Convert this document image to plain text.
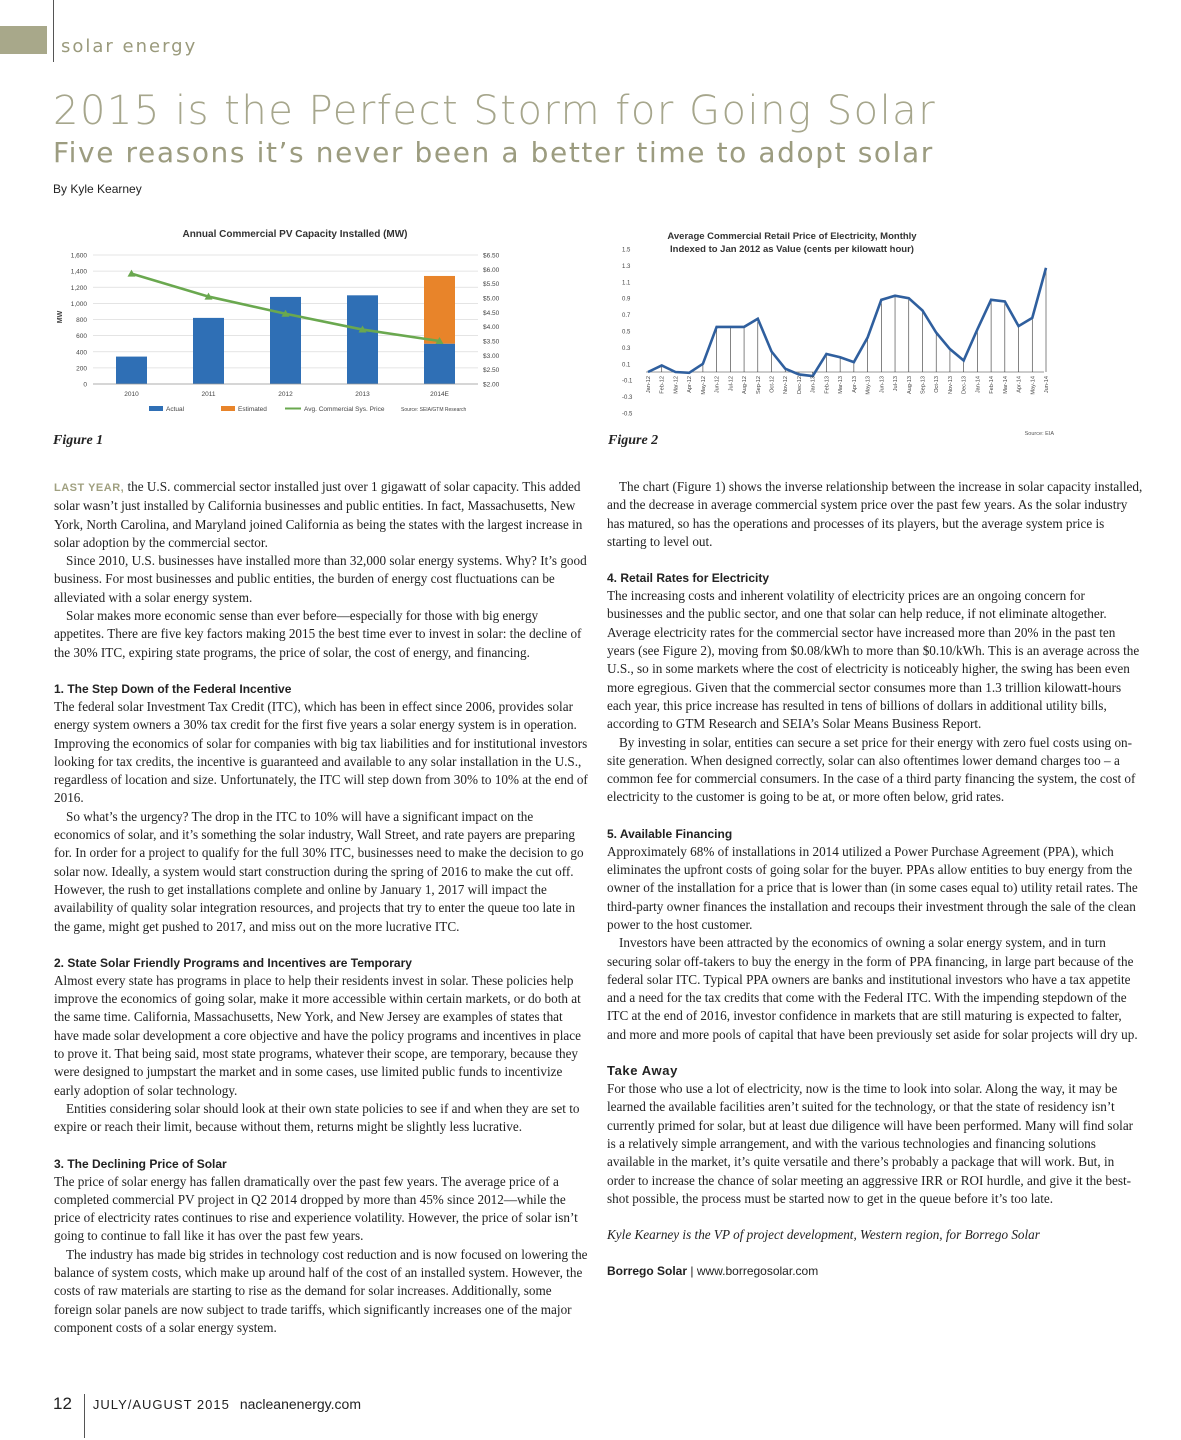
solar energy
2015 is the Perfect Storm for Going Solar
Five reasons it’s never been a better time to adopt solar
By Kyle Kearney
Annual Commercial PV Capacity Installed (MW)
MW
1,600
1,400
1,200
1,000
800
600
400
200
0
$6.50
$6.00
$5.50
$5.00
$4.50
$4.00
$3.50
$3.00
$2.50
$2.00
2010	2011	2012	2013	2014E
Actual	Estimated	Avg. Commercial Sys. Price	Source: SEIA/GTM Research
Figure 1
Average Commercial Retail Price of Electricity, Monthly
Indexed to Jan 2012 as Value (cents per kilowatt hour)
1.5
1.3
1.1
0.9
0.7
0.5
0.3
0.1
-0.1
-0.3
-0.5
Jan-12 Feb-12 Mar-12 Apr-12 May-12 Jun-12 Jul-12 Aug-12 Sep-12 Oct-12 Nov-12 Dec-12 Jan-13 Feb-13 Mar-13 Apr-13 May-13 Jun-13 Jul-13 Aug-13 Sep-13 Oct-13 Nov-13 Dec-13 Jan-14 Feb-14 Mar-14 Apr-14 May-14 Jun-14
Source: EIA
Figure 2

LAST YEAR, the U.S. commercial sector installed just over 1 gigawatt of solar capacity. This added solar wasn’t just installed by California businesses and public entities. In fact, Massachusetts, New York, North Carolina, and Maryland joined California as being the states with the largest increase in solar adoption by the commercial sector.

Since 2010, U.S. businesses have installed more than 32,000 solar energy systems. Why? It’s good business. For most businesses and public entities, the burden of energy cost fluctuations can be alleviated with a solar energy system.

Solar makes more economic sense than ever before—especially for those with big energy appetites. There are five key factors making 2015 the best time ever to invest in solar: the decline of the 30% ITC, expiring state programs, the price of solar, the cost of energy, and financing.

1. The Step Down of the Federal Incentive

The federal solar Investment Tax Credit (ITC), which has been in effect since 2006, provides solar energy system owners a 30% tax credit for the first five years a solar energy system is in operation. Improving the economics of solar for companies with big tax liabilities and for institutional investors looking for tax credits, the incentive is guaranteed and available to any solar installation in the U.S., regardless of location and size. Unfortunately, the ITC will step down from 30% to 10% at the end of 2016.

So what’s the urgency? The drop in the ITC to 10% will have a significant impact on the economics of solar, and it’s something the solar industry, Wall Street, and rate payers are preparing for. In order for a project to qualify for the full 30% ITC, businesses need to make the decision to go solar now. Ideally, a system would start construction during the spring of 2016 to make the cut off. However, the rush to get installations complete and online by January 1, 2017 will impact the availability of quality solar integration resources, and projects that try to enter the queue too late in the game, might get pushed to 2017, and miss out on the more lucrative ITC.

2. State Solar Friendly Programs and Incentives are Temporary

Almost every state has programs in place to help their residents invest in solar. These policies help improve the economics of going solar, make it more accessible within certain markets, or do both at the same time. California, Massachusetts, New York, and New Jersey are examples of states that have made solar development a core objective and have the policy programs and incentives in place to prove it. That being said, most state programs, whatever their scope, are temporary, because they were designed to jumpstart the market and in some cases, use limited public funds to incentivize early adoption of solar technology.

Entities considering solar should look at their own state policies to see if and when they are set to expire or reach their limit, because without them, returns might be slightly less lucrative.

3. The Declining Price of Solar

The price of solar energy has fallen dramatically over the past few years. The average price of a completed commercial PV project in Q2 2014 dropped by more than 45% since 2012—while the price of electricity rates continues to rise and experience volatility. However, the price of solar isn’t going to continue to fall like it has over the past few years.

The industry has made big strides in technology cost reduction and is now focused on lowering the balance of system costs, which make up around half of the cost of an installed system. However, the costs of raw materials are starting to rise as the demand for solar increases. Additionally, some foreign solar panels are now subject to trade tariffs, which significantly increases one of the major component costs of a solar energy system.

The chart (Figure 1) shows the inverse relationship between the increase in solar capacity installed, and the decrease in average commercial system price over the past few years. As the solar industry has matured, so has the operations and processes of its players, but the average system price is starting to level out.

4. Retail Rates for Electricity

The increasing costs and inherent volatility of electricity prices are an ongoing concern for businesses and the public sector, and one that solar can help reduce, if not eliminate altogether. Average electricity rates for the commercial sector have increased more than 20% in the past ten years (see Figure 2), moving from $0.08/kWh to more than $0.10/kWh. This is an average across the U.S., so in some markets where the cost of electricity is noticeably higher, the swing has been even more egregious. Given that the commercial sector consumes more than 1.3 trillion kilowatt-hours each year, this price increase has resulted in tens of billions of dollars in additional utility bills, according to GTM Research and SEIA’s Solar Means Business Report.

By investing in solar, entities can secure a set price for their energy with zero fuel costs using on-site generation. When designed correctly, solar can also oftentimes lower demand charges too – a common fee for commercial consumers. In the case of a third party financing the system, the cost of electricity to the customer is going to be at, or more often below, grid rates.

5. Available Financing

Approximately 68% of installations in 2014 utilized a Power Purchase Agreement (PPA), which eliminates the upfront costs of going solar for the buyer. PPAs allow entities to buy energy from the owner of the installation for a price that is lower than (in some cases equal to) utility retail rates. The third-party owner finances the installation and recoups their investment through the sale of the clean power to the host customer.

Investors have been attracted by the economics of owning a solar energy system, and in turn securing solar off-takers to buy the energy in the form of PPA financing, in large part because of the federal solar ITC. Typical PPA owners are banks and institutional investors who have a tax appetite and a need for the tax credits that come with the Federal ITC. With the impending stepdown of the ITC at the end of 2016, investor confidence in markets that are still maturing is expected to falter, and more and more pools of capital that have been previously set aside for solar projects will dry up.

Take Away

For those who use a lot of electricity, now is the time to look into solar. Along the way, it may be learned the available facilities aren’t suited for the technology, or that the state of residency isn’t currently primed for solar, but at least due diligence will have been performed. Many will find solar is a relatively simple arrangement, and with the various technologies and financing solutions available in the market, it’s quite versatile and there’s probably a package that will work. But, in order to increase the chance of solar meeting an aggressive IRR or ROI hurdle, and give it the best-shot possible, the process must be started now to get in the queue before it’s too late.

Kyle Kearney is the VP of project development, Western region, for Borrego Solar

Borrego Solar | www.borregosolar.com

12 JULY/AUGUST 2015 nacleanenergy.com
